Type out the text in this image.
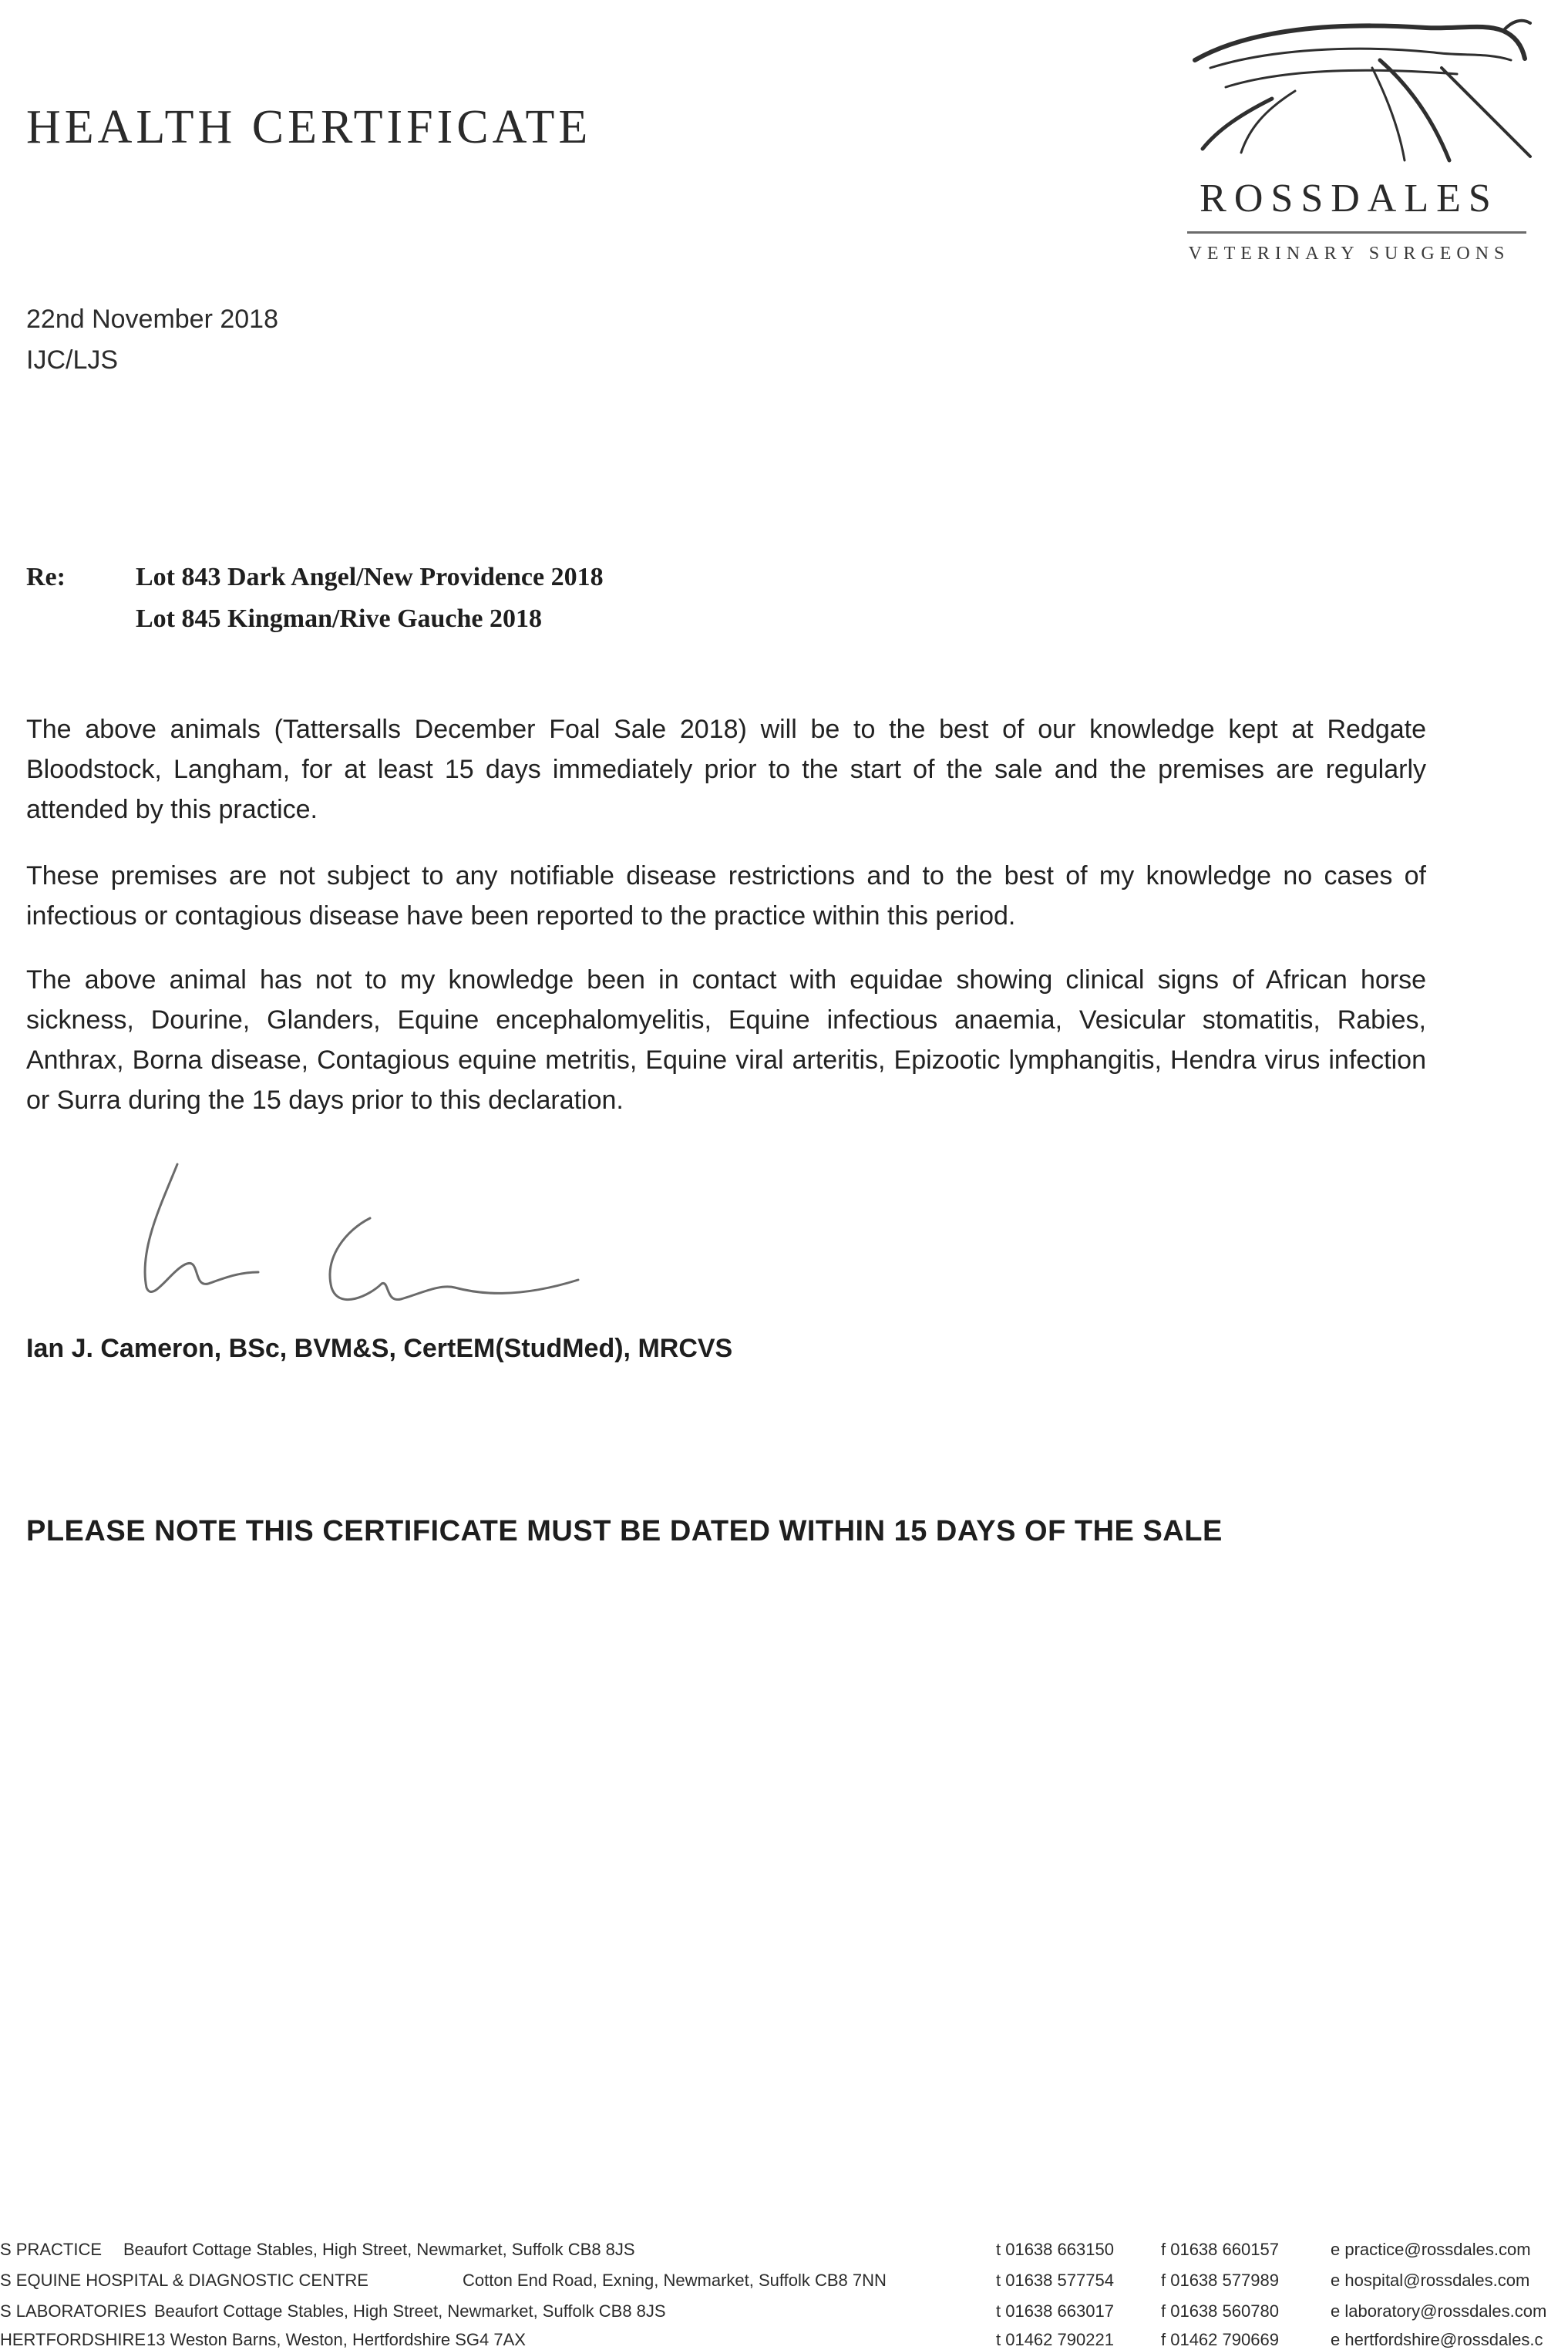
HEALTH CERTIFICATE
ROSSDALES
VETERINARY SURGEONS
22nd November 2018
IJC/LJS
Re:	Lot 843 Dark Angel/New Providence 2018
Lot 845 Kingman/Rive Gauche 2018

The above animals (Tattersalls December Foal Sale 2018) will be to the best of our knowledge kept at Redgate Bloodstock, Langham, for at least 15 days immediately prior to the start of the sale and the premises are regularly attended by this practice.

These premises are not subject to any notifiable disease restrictions and to the best of my knowledge no cases of infectious or contagious disease have been reported to the practice within this period.

The above animal has not to my knowledge been in contact with equidae showing clinical signs of African horse sickness, Dourine, Glanders, Equine encephalomyelitis, Equine infectious anaemia, Vesicular stomatitis, Rabies, Anthrax, Borna disease, Contagious equine metritis, Equine viral arteritis, Epizootic lymphangitis, Hendra virus infection or Surra during the 15 days prior to this declaration.

Ian J. Cameron, BSc, BVM&S, CertEM(StudMed), MRCVS
PLEASE NOTE THIS CERTIFICATE MUST BE DATED WITHIN 15 DAYS OF THE SALE
S PRACTICE Beaufort Cottage Stables, High Street, Newmarket, Suffolk CB8 8JS	t 01638 663150	f 01638 660157	e practice@rossdales.com
S EQUINE HOSPITAL & DIAGNOSTIC CENTRE	Cotton End Road, Exning, Newmarket, Suffolk CB8 7NN	t 01638 577754	f 01638 577989	e hospital@rossdales.com
S LABORATORIES Beaufort Cottage Stables, High Street, Newmarket, Suffolk CB8 8JS	t 01638 663017	f 01638 560780	e laboratory@rossdales.com
HERTFORDSHIRE 13 Weston Barns, Weston, Hertfordshire SG4 7AX	t 01462 790221	f 01462 790669	e hertfordshire@rossdales.c
